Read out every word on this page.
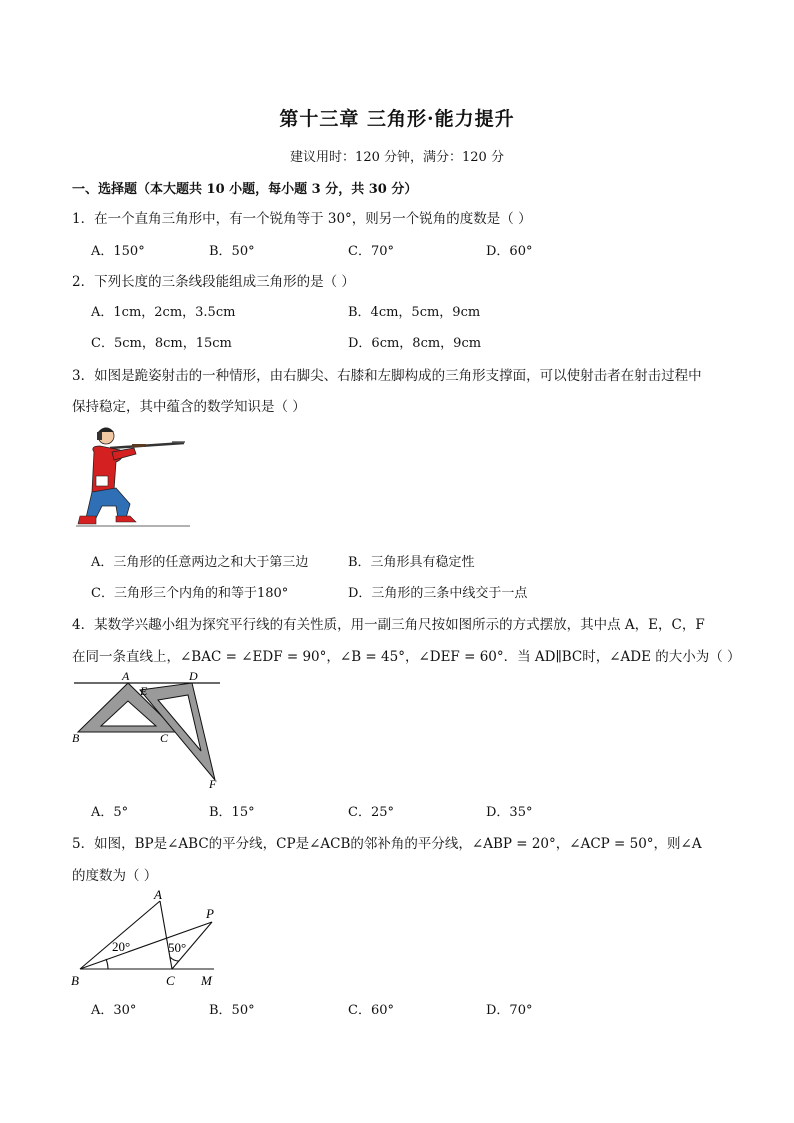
第十三章 三角形·能力提升
建议用时：120 分钟，满分：120 分
一、选择题（本大题共 10 小题，每小题 3 分，共 30 分）
1．在一个直角三角形中，有一个锐角等于 30°，则另一个锐角的度数是（ ）
A．150°	B．50°	C．70°	D．60°
2．下列长度的三条线段能组成三角形的是（ ）
A．1cm，2cm，3.5cm	B．4cm，5cm，9cm
C．5cm，8cm，15cm	D．6cm，8cm，9cm
3．如图是跪姿射击的一种情形，由右脚尖、右膝和左脚构成的三角形支撑面，可以使射击者在射击过程中
保持稳定，其中蕴含的数学知识是（ ）
A．三角形的任意两边之和大于第三边	B．三角形具有稳定性
C．三角形三个内角的和等于180°	D．三角形的三条中线交于一点
4．某数学兴趣小组为探究平行线的有关性质，用一副三角尺按如图所示的方式摆放，其中点 A，E，C，F
在同一条直线上，∠BAC = ∠EDF = 90°，∠B = 45°，∠DEF = 60°．当 AD∥BC时，∠ADE 的大小为（ ）
A
E
D
B	C
F
A．5°	B．15°	C．25°	D．35°
5．如图，BP是∠ABC的平分线，CP是∠ACB的邻补角的平分线，∠ABP = 20°，∠ACP = 50°，则∠A
的度数为（ ）
A
P
B	C M
20°	50°
A．30°	B．50°	C．60°	D．70°
